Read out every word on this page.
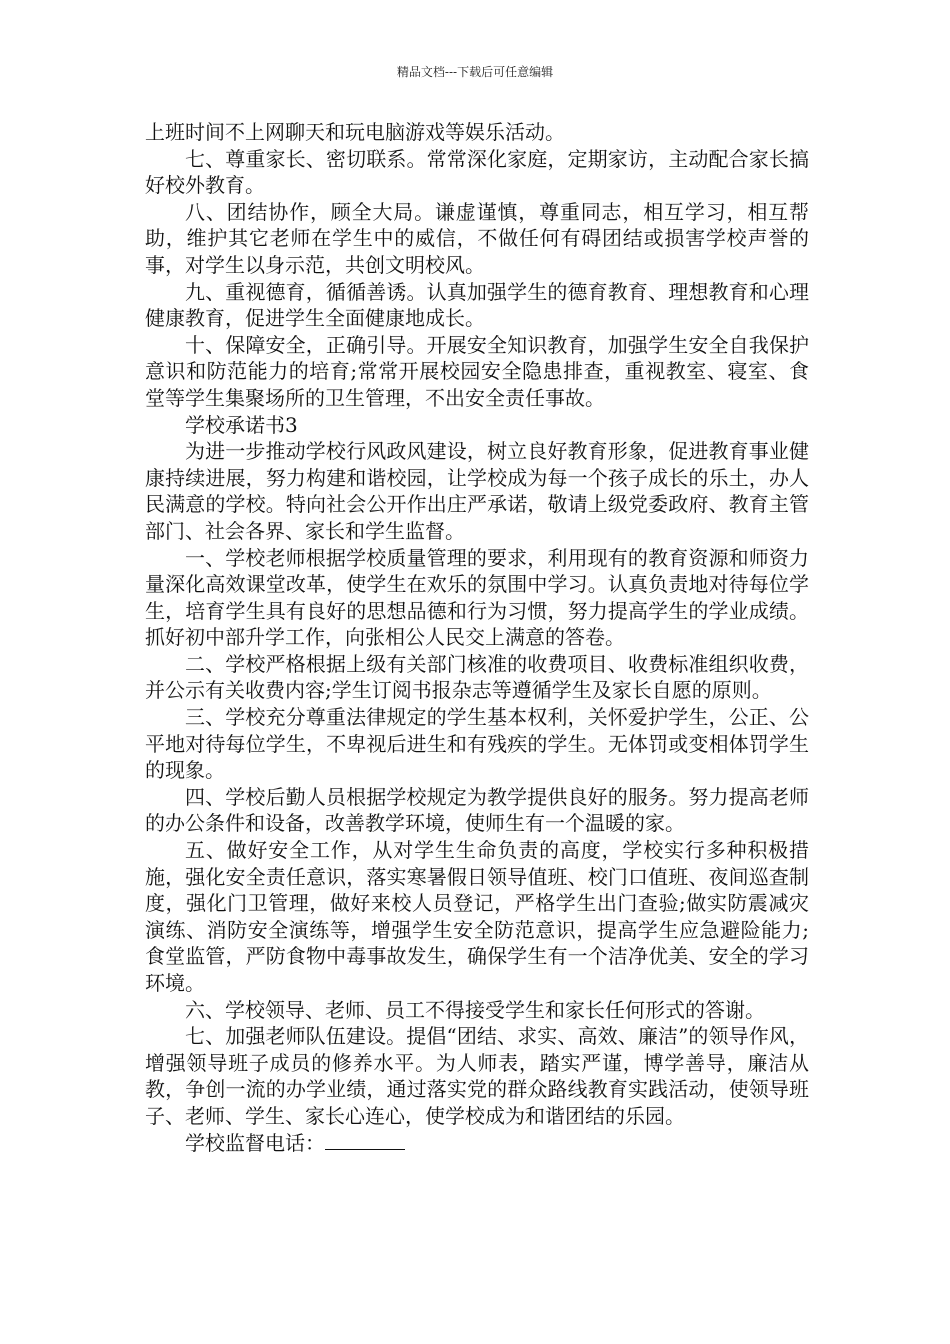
精品文档---下载后可任意编辑

上班时间不上网聊天和玩电脑游戏等娱乐活动。

七、尊重家长、密切联系。常常深化家庭，定期家访，主动配合家长搞好校外教育。

八、团结协作，顾全大局。谦虚谨慎，尊重同志，相互学习，相互帮助，维护其它老师在学生中的威信，不做任何有碍团结或损害学校声誉的事，对学生以身示范，共创文明校风。

九、重视德育，循循善诱。认真加强学生的德育教育、理想教育和心理健康教育，促进学生全面健康地成长。

十、保障安全，正确引导。开展安全知识教育，加强学生安全自我保护意识和防范能力的培育;常常开展校园安全隐患排查，重视教室、寝室、食堂等学生集聚场所的卫生管理，不出安全责任事故。

学校承诺书3

为进一步推动学校行风政风建设，树立良好教育形象，促进教育事业健康持续进展，努力构建和谐校园，让学校成为每一个孩子成长的乐土，办人民满意的学校。特向社会公开作出庄严承诺，敬请上级党委政府、教育主管部门、社会各界、家长和学生监督。

一、学校老师根据学校质量管理的要求，利用现有的教育资源和师资力量深化高效课堂改革，使学生在欢乐的氛围中学习。认真负责地对待每位学生，培育学生具有良好的思想品德和行为习惯，努力提高学生的学业成绩。抓好初中部升学工作，向张相公人民交上满意的答卷。

二、学校严格根据上级有关部门核准的收费项目、收费标准组织收费，并公示有关收费内容;学生订阅书报杂志等遵循学生及家长自愿的原则。

三、学校充分尊重法律规定的学生基本权利，关怀爱护学生，公正、公平地对待每位学生，不卑视后进生和有残疾的学生。无体罚或变相体罚学生的现象。

四、学校后勤人员根据学校规定为教学提供良好的服务。努力提高老师的办公条件和设备，改善教学环境，使师生有一个温暖的家。

五、做好安全工作，从对学生生命负责的高度，学校实行多种积极措施，强化安全责任意识，落实寒暑假日领导值班、校门口值班、夜间巡查制度，强化门卫管理，做好来校人员登记，严格学生出门查验;做实防震减灾演练、消防安全演练等，增强学生安全防范意识，提高学生应急避险能力;食堂监管，严防食物中毒事故发生，确保学生有一个洁净优美、安全的学习环境。

六、学校领导、老师、员工不得接受学生和家长任何形式的答谢。

七、加强老师队伍建设。提倡“团结、求实、高效、廉洁”的领导作风，增强领导班子成员的修养水平。为人师表，踏实严谨，博学善导，廉洁从教，争创一流的办学业绩，通过落实党的群众路线教育实践活动，使领导班子、老师、学生、家长心连心，使学校成为和谐团结的乐园。

学校监督电话：
